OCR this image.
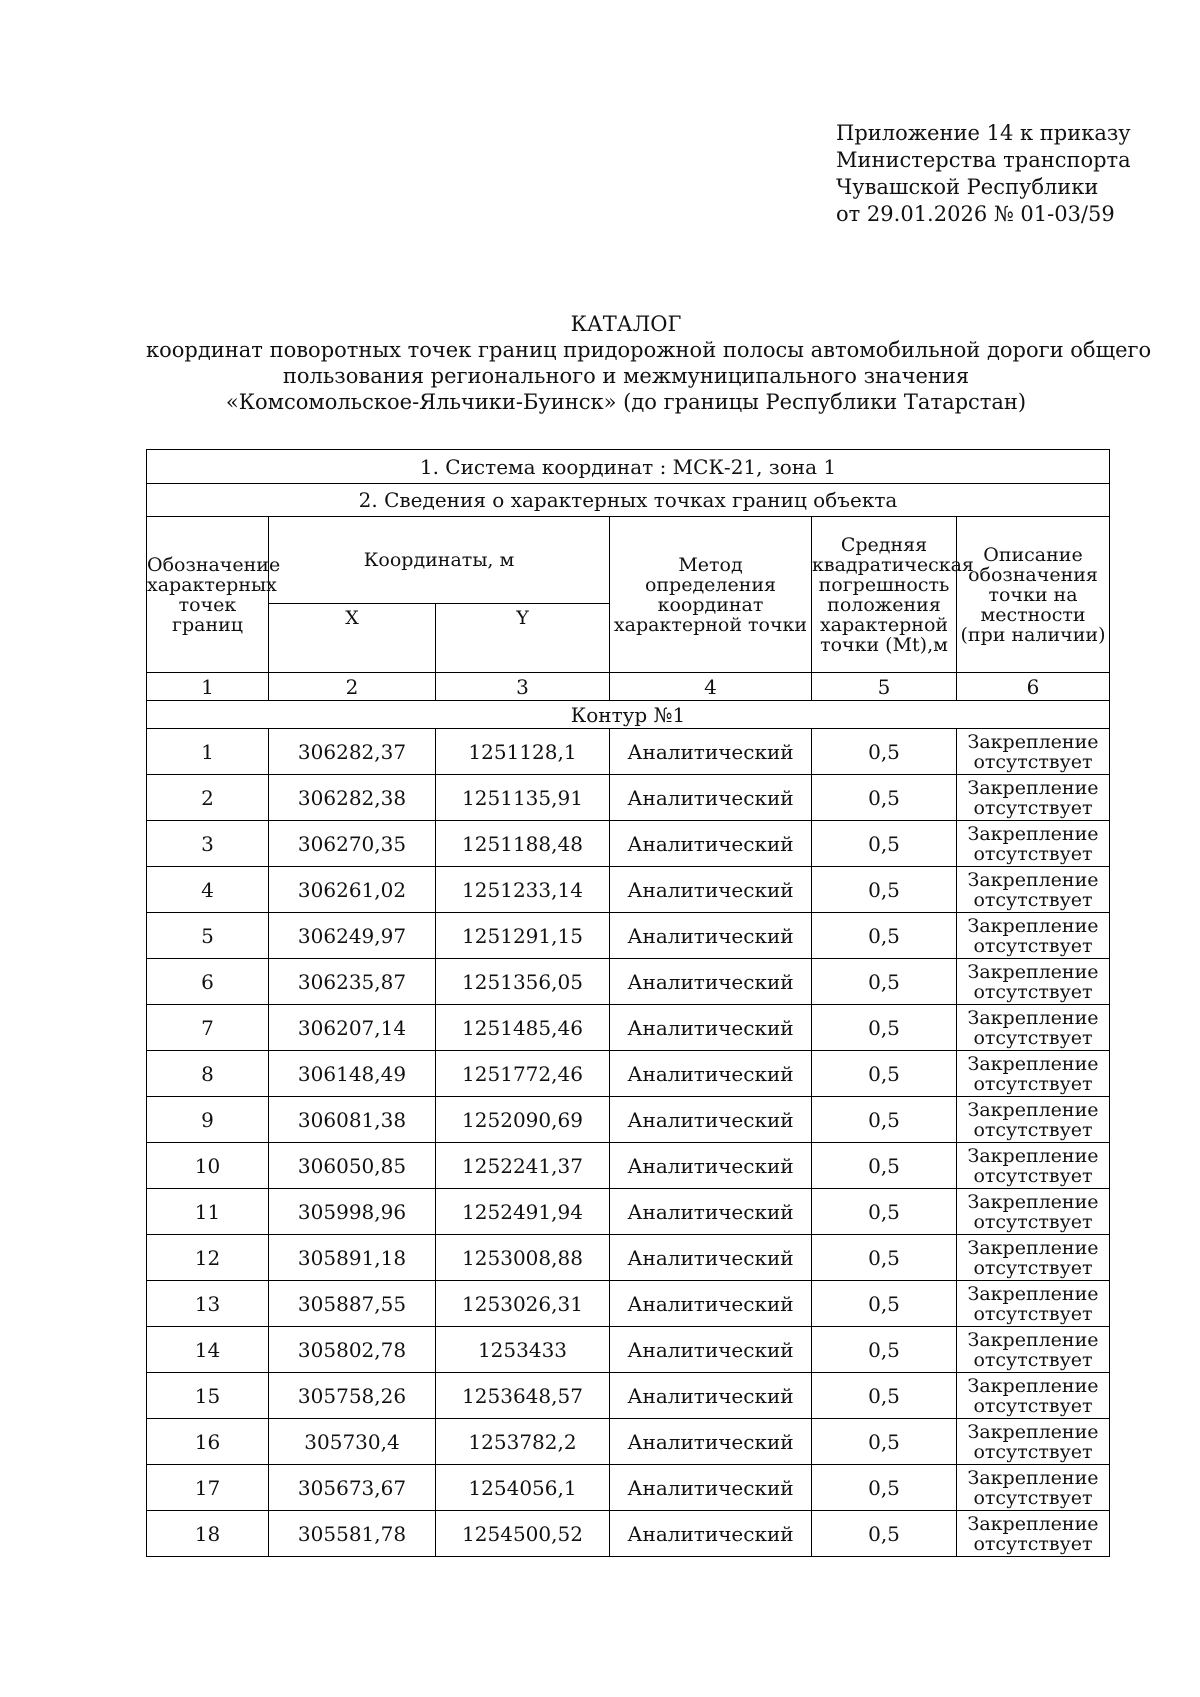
Приложение 14 к приказу
Министерства транспорта
Чувашской Республики
от 29.01.2026 № 01-03/59
КАТАЛОГ
координат поворотных точек границ придорожной полосы автомобильной дороги общего
пользования регионального и межмуниципального значения
«Комсомольское-Яльчики-Буинск» (до границы Республики Татарстан)
1. Система координат : МСК-21, зона 1					
2. Сведения о характерных точках границ объекта					
Обозначение характерных точек границ	Координаты, м		Метод определения координат характерной точки	Средняя квадратическая погрешность положения характерной точки (Mt),м	Описание обозначения точки на местности (при наличии)
	X	Y			
1	2	3	4	5	6
Контур №1					
1	306282,37	1251128,1	Аналитический	0,5	Закрепление отсутствует
2	306282,38	1251135,91	Аналитический	0,5	Закрепление отсутствует
3	306270,35	1251188,48	Аналитический	0,5	Закрепление отсутствует
4	306261,02	1251233,14	Аналитический	0,5	Закрепление отсутствует
5	306249,97	1251291,15	Аналитический	0,5	Закрепление отсутствует
6	306235,87	1251356,05	Аналитический	0,5	Закрепление отсутствует
7	306207,14	1251485,46	Аналитический	0,5	Закрепление отсутствует
8	306148,49	1251772,46	Аналитический	0,5	Закрепление отсутствует
9	306081,38	1252090,69	Аналитический	0,5	Закрепление отсутствует
10	306050,85	1252241,37	Аналитический	0,5	Закрепление отсутствует
11	305998,96	1252491,94	Аналитический	0,5	Закрепление отсутствует
12	305891,18	1253008,88	Аналитический	0,5	Закрепление отсутствует
13	305887,55	1253026,31	Аналитический	0,5	Закрепление отсутствует
14	305802,78	1253433	Аналитический	0,5	Закрепление отсутствует
15	305758,26	1253648,57	Аналитический	0,5	Закрепление отсутствует
16	305730,4	1253782,2	Аналитический	0,5	Закрепление отсутствует
17	305673,67	1254056,1	Аналитический	0,5	Закрепление отсутствует
18	305581,78	1254500,52	Аналитический	0,5	Закрепление отсутствует
